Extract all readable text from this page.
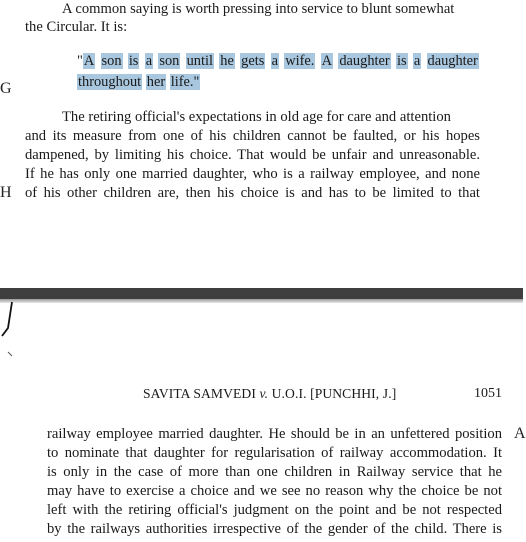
A common saying is worth pressing into service to blunt somewhat
the Circular. It is:
"A son is a son until he gets a wife. A daughter is a daughter
throughout her life."
G
The retiring official's expectations in old age for care and attention
and its measure from one of his children cannot be faulted, or his hopes
dampened, by limiting his choice. That would be unfair and unreasonable.
If he has only one married daughter, who is a railway employee, and none
of his other children are, then his choice is and has to be limited to that
H
SAVITA SAMVEDI v. U.O.I. [PUNCHHI, J.]	1051
railway employee married daughter. He should be in an unfettered position
to nominate that daughter for regularisation of railway accommodation. It
is only in the case of more than one children in Railway service that he
may have to exercise a choice and we see no reason why the choice be not
left with the retiring official's judgment on the point and be not respected
by the railways authorities irrespective of the gender of the child. There is
A
